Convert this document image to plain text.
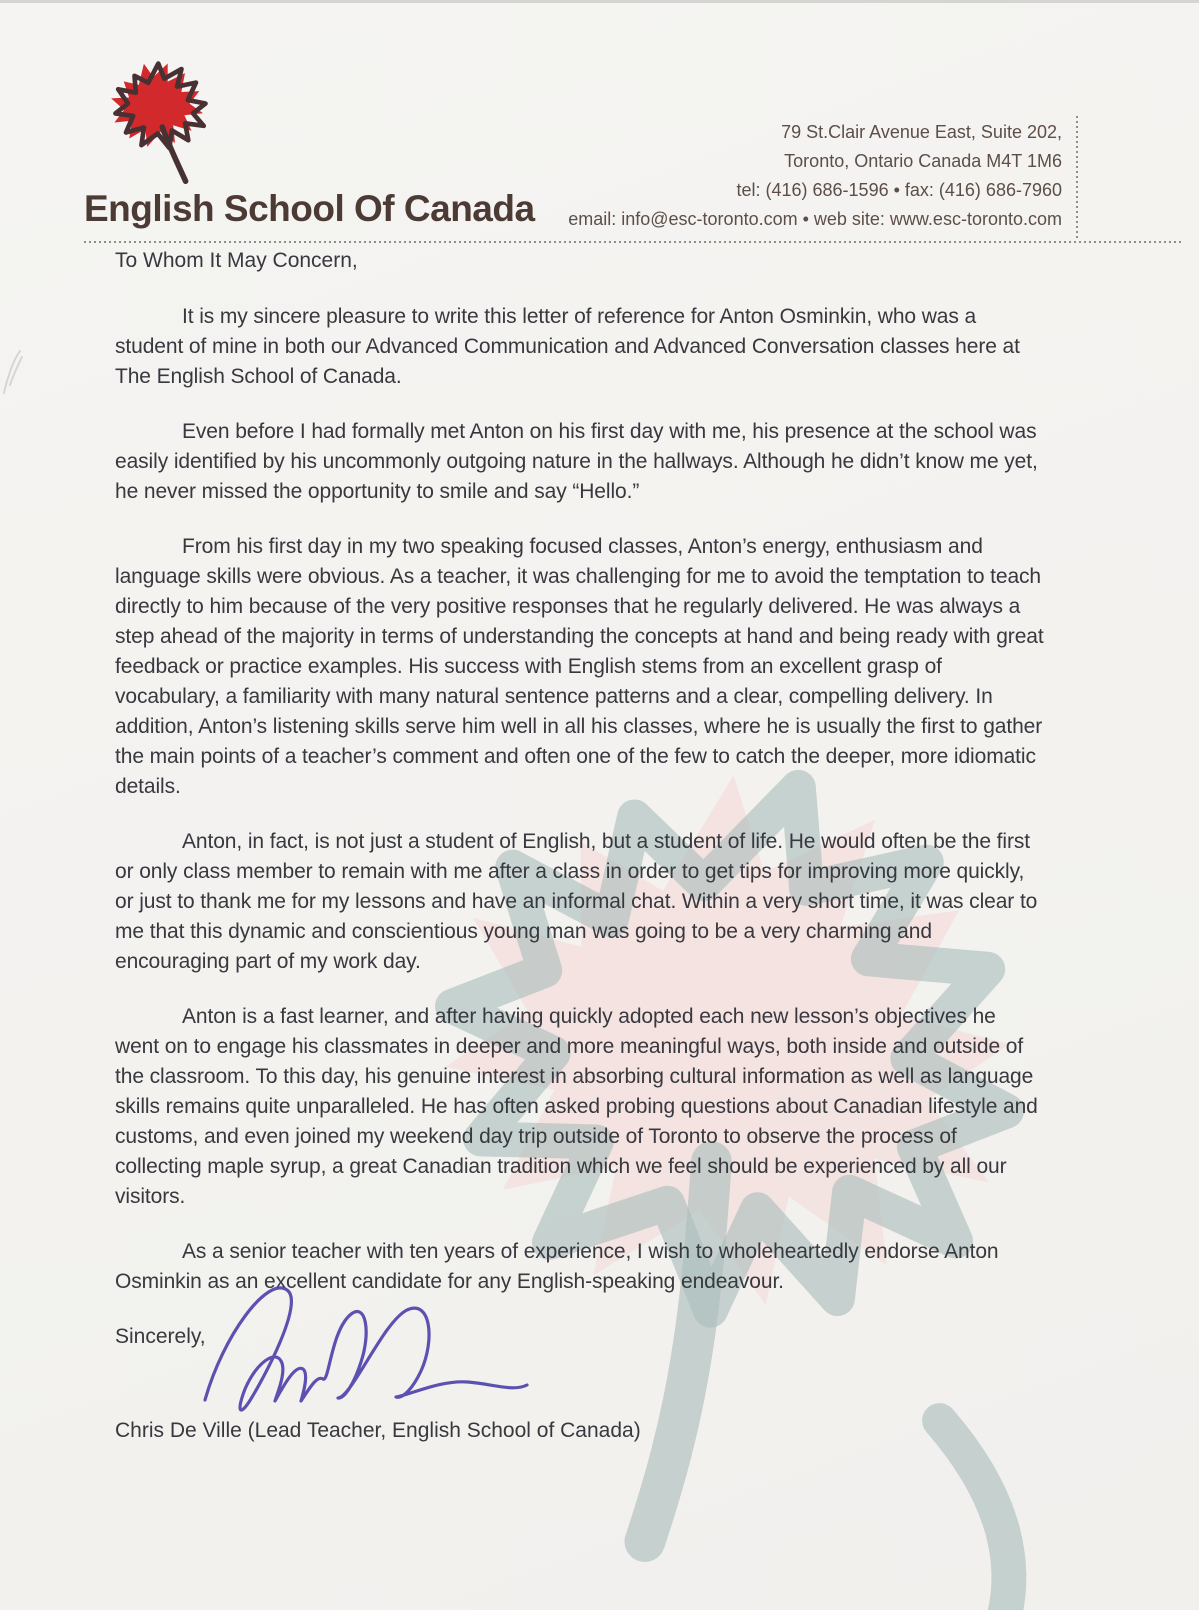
English School Of Canada
79 St.Clair Avenue East, Suite 202,
Toronto, Ontario Canada M4T 1M6
tel: (416) 686-1596 • fax: (416) 686-7960
email: info@esc-toronto.com • web site: www.esc-toronto.com

To Whom It May Concern,

It is my sincere pleasure to write this letter of reference for Anton Osminkin, who was a student of mine in both our Advanced Communication and Advanced Conversation classes here at The English School of Canada.

Even before I had formally met Anton on his first day with me, his presence at the school was easily identified by his uncommonly outgoing nature in the hallways. Although he didn’t know me yet, he never missed the opportunity to smile and say “Hello.”

From his first day in my two speaking focused classes, Anton’s energy, enthusiasm and language skills were obvious. As a teacher, it was challenging for me to avoid the temptation to teach directly to him because of the very positive responses that he regularly delivered. He was always a step ahead of the majority in terms of understanding the concepts at hand and being ready with great feedback or practice examples. His success with English stems from an excellent grasp of vocabulary, a familiarity with many natural sentence patterns and a clear, compelling delivery. In addition, Anton’s listening skills serve him well in all his classes, where he is usually the first to gather the main points of a teacher’s comment and often one of the few to catch the deeper, more idiomatic details.

Anton, in fact, is not just a student of English, but a student of life. He would often be the first or only class member to remain with me after a class in order to get tips for improving more quickly, or just to thank me for my lessons and have an informal chat. Within a very short time, it was clear to me that this dynamic and conscientious young man was going to be a very charming and encouraging part of my work day.

Anton is a fast learner, and after having quickly adopted each new lesson’s objectives he went on to engage his classmates in deeper and more meaningful ways, both inside and outside of the classroom. To this day, his genuine interest in absorbing cultural information as well as language skills remains quite unparalleled. He has often asked probing questions about Canadian lifestyle and customs, and even joined my weekend day trip outside of Toronto to observe the process of collecting maple syrup, a great Canadian tradition which we feel should be experienced by all our visitors.

As a senior teacher with ten years of experience, I wish to wholeheartedly endorse Anton Osminkin as an excellent candidate for any English-speaking endeavour.

Sincerely,

Chris De Ville (Lead Teacher, English School of Canada)
